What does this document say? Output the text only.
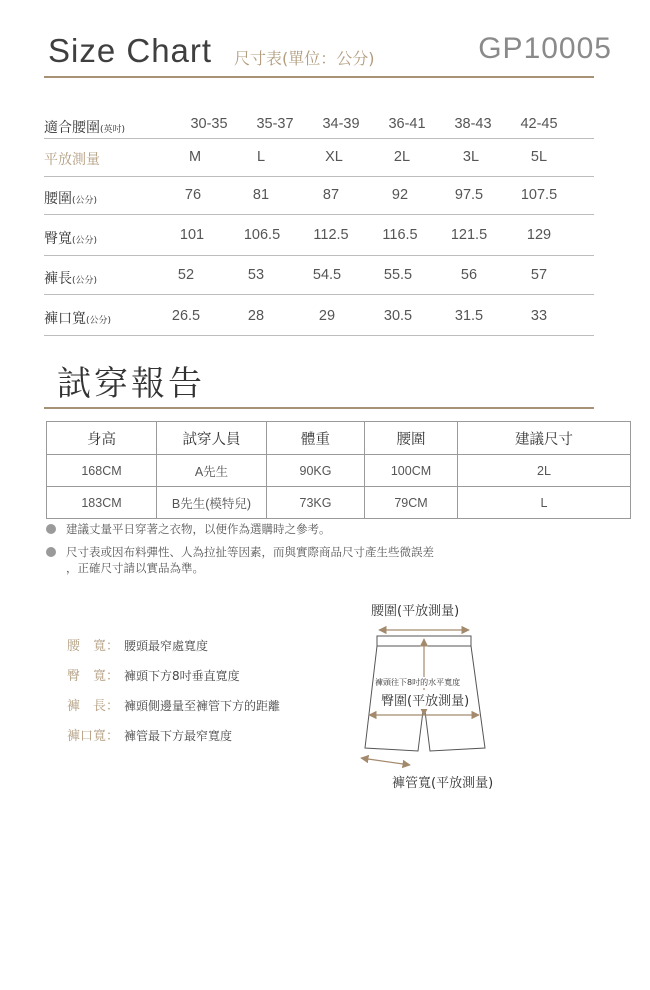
Size Chart 尺寸表(單位：公分)	GP10005
適合腰圍(英吋)	30-35 35-37 34-39 36-41 38-43 42-45
平放測量	M	L	XL	2L	3L	5L
腰圍(公分)	76	81	87	92	97.5	107.5
臀寬(公分)	101	106.5 112.5 116.5 121.5	129
褲長(公分)	52	53	54.5	55.5	56	57
褲口寬(公分)	26.5	28	29	30.5	31.5	33
試穿報告
身高	試穿人員	體重	腰圍	建議尺寸
168CM	A先生	90KG	100CM	2L
183CM	B先生(模特兒)	73KG	79CM	L
建議丈量平日穿著之衣物，以便作為選購時之參考。
尺寸表或因布料彈性、人為拉扯等因素，而與實際商品尺寸產生些微誤差
，正確尺寸請以實品為準。
腰　寬： 腰頭最窄處寬度
臀　寬： 褲頭下方8吋垂直寬度
褲　長： 褲頭側邊量至褲管下方的距離
褲口寬： 褲管最下方最窄寬度
腰圍(平放測量)
褲頭往下8吋的水平寬度
臀圍(平放測量)
褲管寬(平放測量)
